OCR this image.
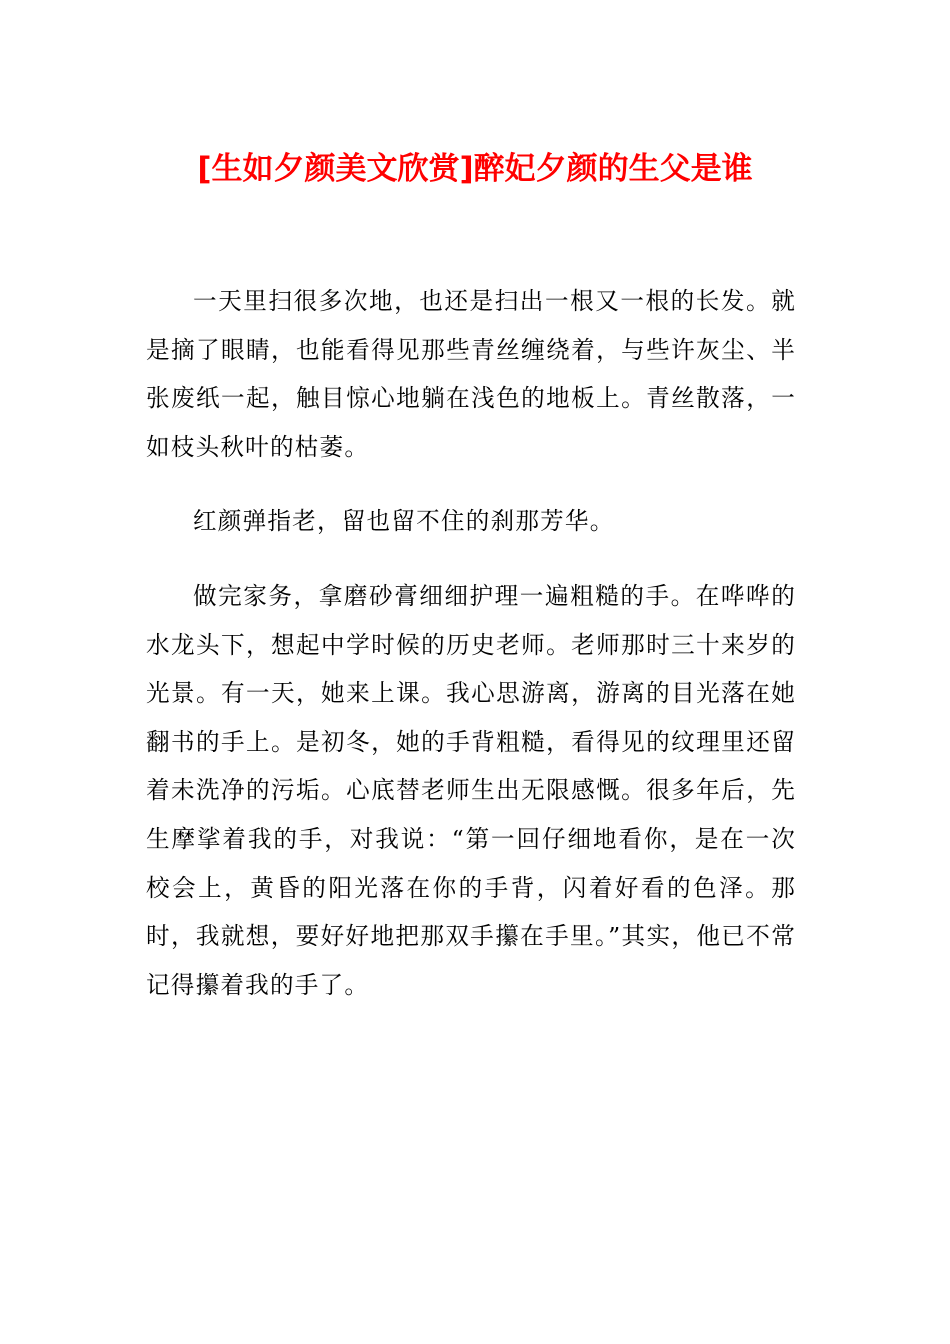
[生如夕颜美文欣赏]醉妃夕颜的生父是谁

一天里扫很多次地，也还是扫出一根又一根的长发。就是摘了眼睛，也能看得见那些青丝缠绕着，与些许灰尘、半张废纸一起，触目惊心地躺在浅色的地板上。青丝散落，一如枝头秋叶的枯萎。

红颜弹指老，留也留不住的刹那芳华。

做完家务，拿磨砂膏细细护理一遍粗糙的手。在哗哗的水龙头下，想起中学时候的历史老师。老师那时三十来岁的光景。有一天，她来上课。我心思游离，游离的目光落在她翻书的手上。是初冬，她的手背粗糙，看得见的纹理里还留着未洗净的污垢。心底替老师生出无限感慨。很多年后，先生摩挲着我的手，对我说：“第一回仔细地看你，是在一次校会上，黄昏的阳光落在你的手背，闪着好看的色泽。那时，我就想，要好好地把那双手攥在手里。”其实，他已不常记得攥着我的手了。
